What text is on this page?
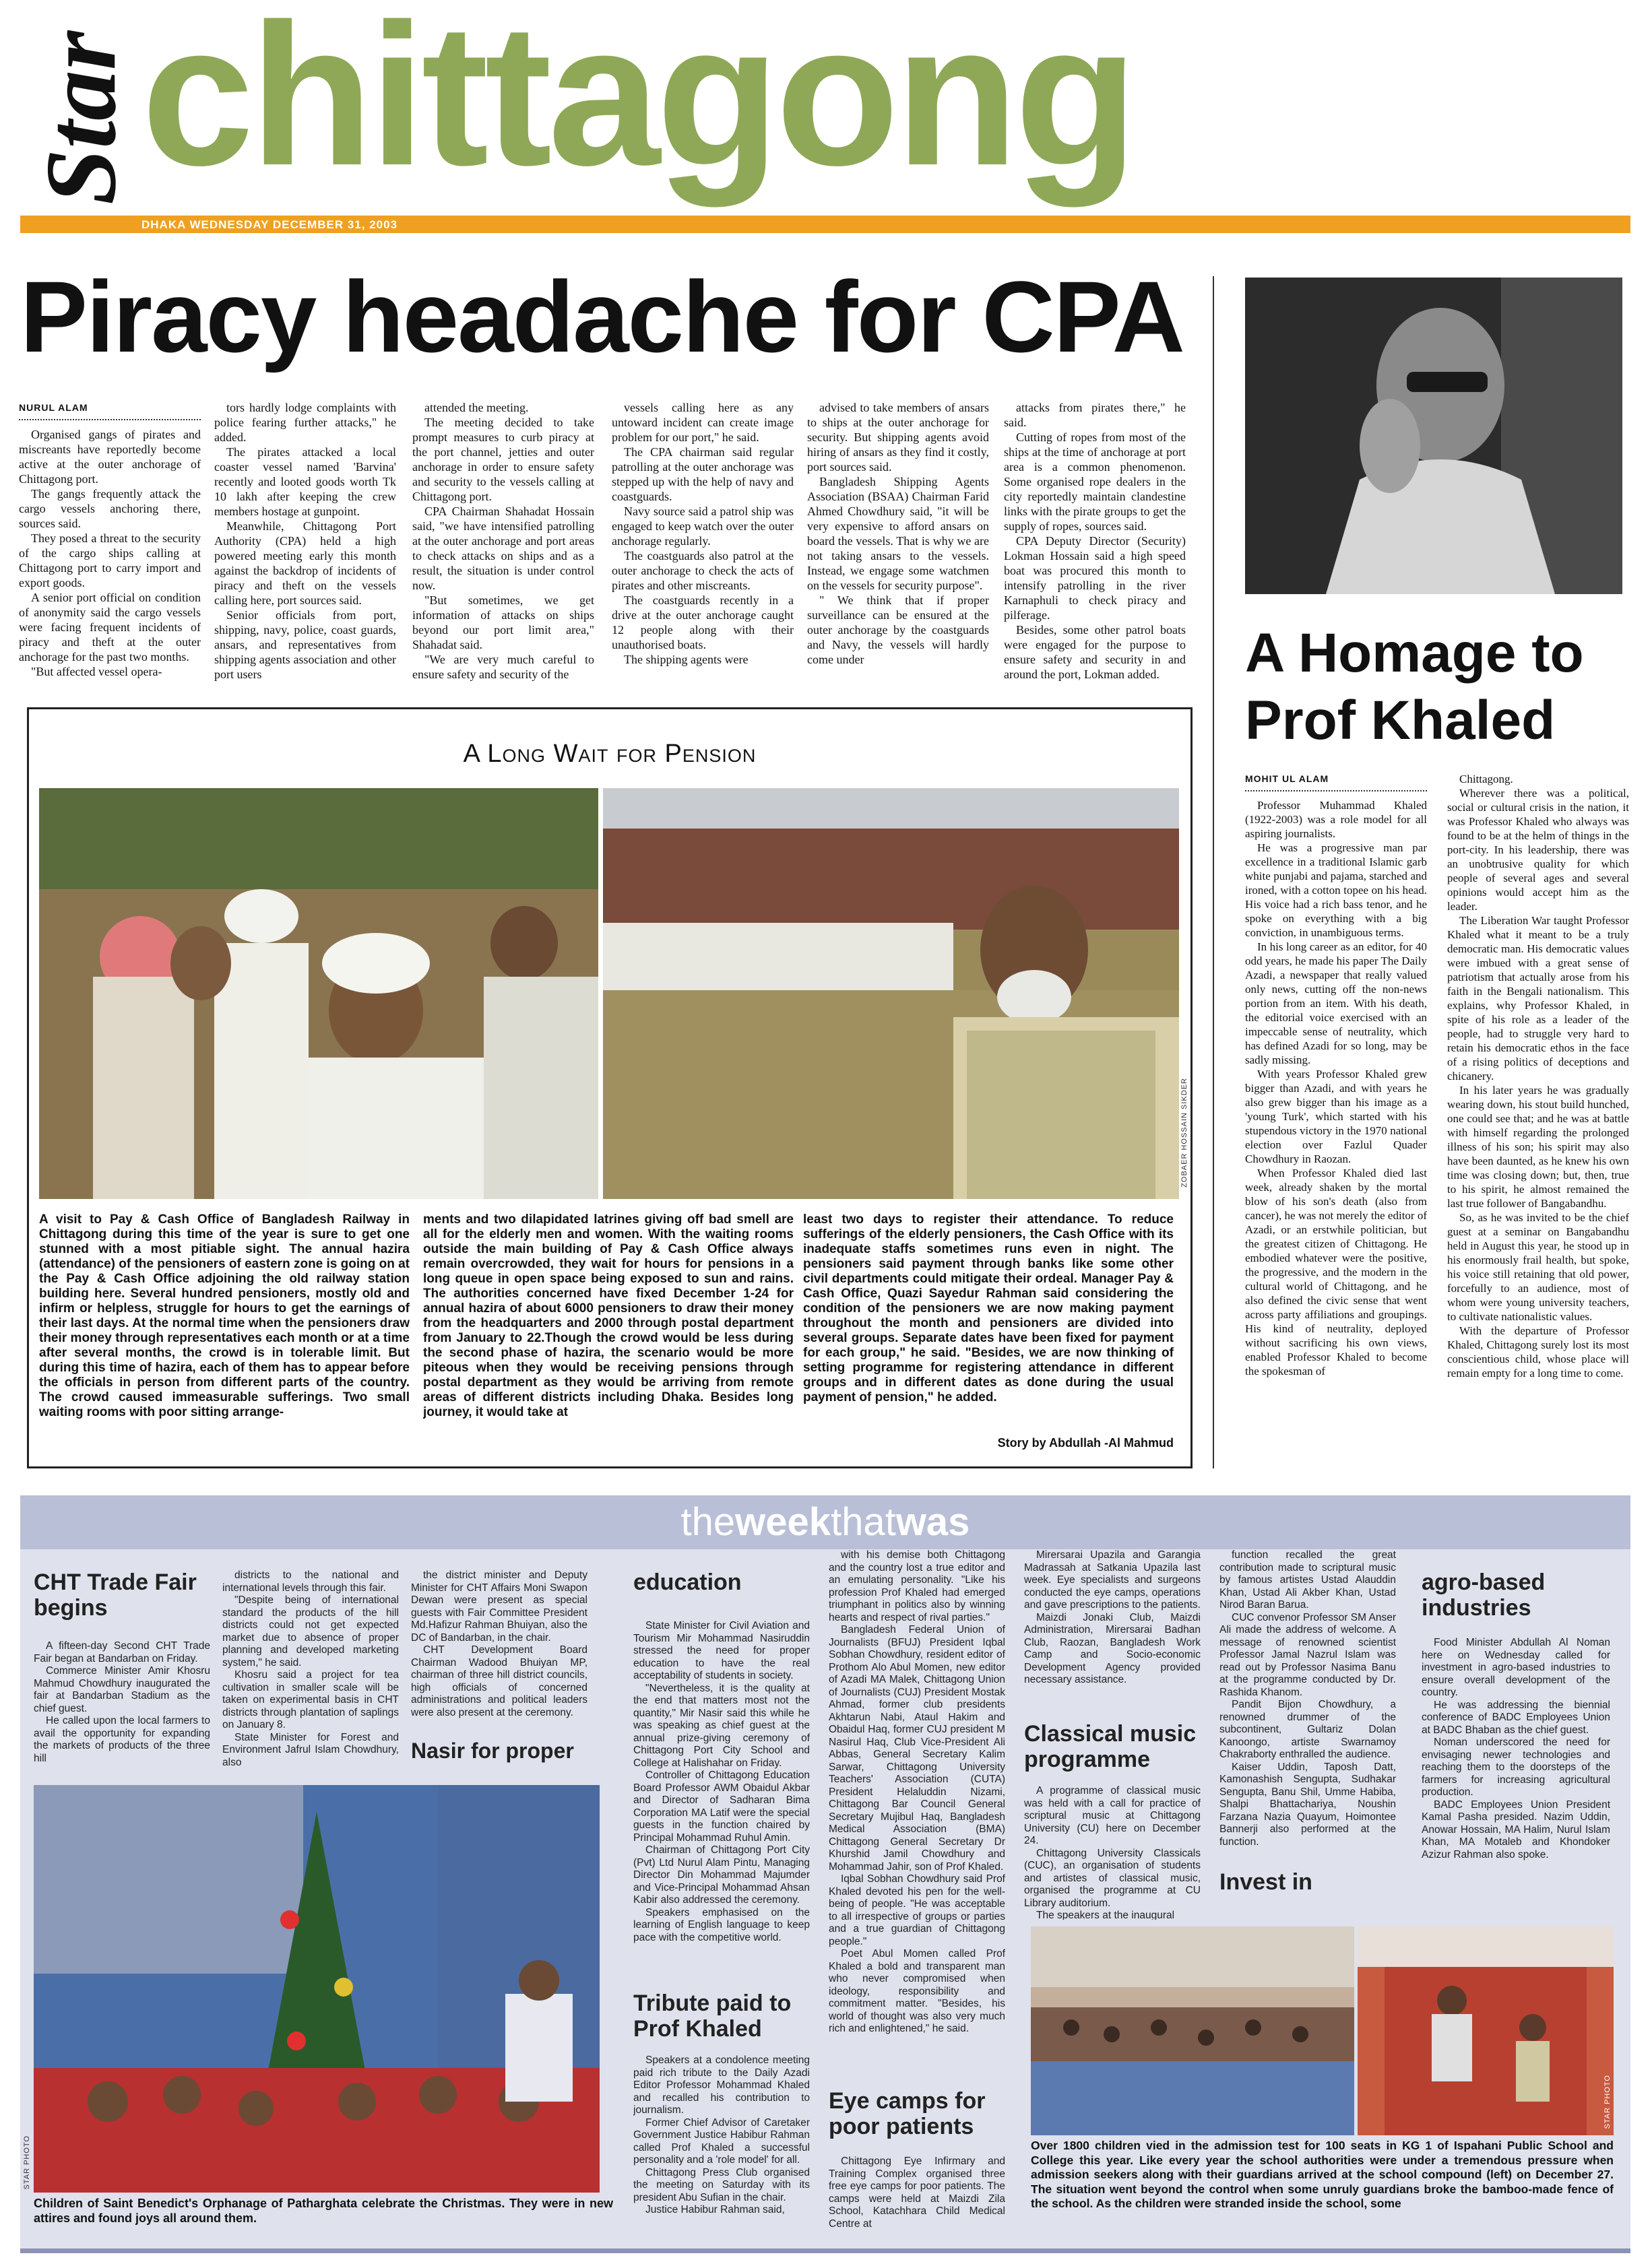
Star chittagong
DHAKA WEDNESDAY DECEMBER 31, 2003
Piracy headache for CPA
NURUL ALAM

Organised gangs of pirates and miscreants have reportedly become active at the outer anchorage of Chittagong port.

The gangs frequently attack the cargo vessels anchoring there, sources said.

They posed a threat to the security of the cargo ships calling at Chittagong port to carry import and export goods.

A senior port official on condition of anonymity said the cargo vessels were facing frequent incidents of piracy and theft at the outer anchorage for the past two months.

"But affected vessel opera-

tors hardly lodge complaints with police fearing further attacks," he added.

The pirates attacked a local coaster vessel named 'Barvina' recently and looted goods worth Tk 10 lakh after keeping the crew members hostage at gunpoint.

Meanwhile, Chittagong Port Authority (CPA) held a high powered meeting early this month against the backdrop of incidents of piracy and theft on the vessels calling here, port sources said.

Senior officials from port, shipping, navy, police, coast guards, ansars, and representatives from shipping agents association and other port users

attended the meeting.

The meeting decided to take prompt measures to curb piracy at the port channel, jetties and outer anchorage in order to ensure safety and security to the vessels calling at Chittagong port.

CPA Chairman Shahadat Hossain said, "we have intensified patrolling at the outer anchorage and port areas to check attacks on ships and as a result, the situation is under control now.

"But sometimes, we get information of attacks on ships beyond our port limit area," Shahadat said.

"We are very much careful to ensure safety and security of the

vessels calling here as any untoward incident can create image problem for our port," he said.

The CPA chairman said regular patrolling at the outer anchorage was stepped up with the help of navy and coastguards.

Navy source said a patrol ship was engaged to keep watch over the outer anchorage regularly.

The coastguards also patrol at the outer anchorage to check the acts of pirates and other miscreants.

The coastguards recently in a drive at the outer anchorage caught 12 people along with their unauthorised boats.

The shipping agents were

advised to take members of ansars to ships at the outer anchorage for security. But shipping agents avoid hiring of ansars as they find it costly, port sources said.

Bangladesh Shipping Agents Association (BSAA) Chairman Farid Ahmed Chowdhury said, "it will be very expensive to afford ansars on board the vessels. That is why we are not taking ansars to the vessels. Instead, we engage some watchmen on the vessels for security purpose".

" We think that if proper surveillance can be ensured at the outer anchorage by the coastguards and Navy, the vessels will hardly come under

attacks from pirates there," he said.

Cutting of ropes from most of the ships at the time of anchorage at port area is a common phenomenon. Some organised rope dealers in the city reportedly maintain clandestine links with the pirate groups to get the supply of ropes, sources said.

CPA Deputy Director (Security) Lokman Hossain said a high speed boat was procured this month to intensify patrolling in the river Karnaphuli to check piracy and pilferage.

Besides, some other patrol boats were engaged for the purpose to ensure safety and security in and around the port, Lokman added.

A Long Wait for Pension
ZOBAER HOSSAIN SIKDER
A visit to Pay & Cash Office of Bangladesh Railway in Chittagong during this time of the year is sure to get one stunned with a most pitiable sight. The annual hazira (attendance) of the pensioners of eastern zone is going on at the Pay & Cash Office adjoining the old railway station building here. Several hundred pensioners, mostly old and infirm or helpless, struggle for hours to get the earnings of their last days. At the normal time when the pensioners draw their money through representatives each month or at a time after several months, the crowd is in tolerable limit. But during this time of hazira, each of them has to appear before the officials in person from different parts of the country. The crowd caused immeasurable sufferings. Two small waiting rooms with poor sitting arrange-
ments and two dilapidated latrines giving off bad smell are all for the elderly men and women. With the waiting rooms outside the main building of Pay & Cash Office always remain overcrowded, they wait for hours for pensions in a long queue in open space being exposed to sun and rains. The authorities concerned have fixed December 1-24 for annual hazira of about 6000 pensioners to draw their money from the headquarters and 2000 through postal department from January to 22.Though the crowd would be less during the second phase of hazira, the scenario would be more piteous when they would be receiving pensions through postal department as they would be arriving from remote areas of different districts including Dhaka. Besides long journey, it would take at
least two days to register their attendance. To reduce sufferings of the elderly pensioners, the Cash Office with its inadequate staffs sometimes runs even in night. The pensioners said payment through banks like some other civil departments could mitigate their ordeal. Manager Pay & Cash Office, Quazi Sayedur Rahman said considering the condition of the pensioners we are now making payment throughout the month and pensioners are divided into several groups. Separate dates have been fixed for payment for each group," he said. "Besides, we are now thinking of setting programme for registering attendance in different groups and in different dates as done during the usual payment of pension," he added.
Story by Abdullah -Al Mahmud
A Homage to Prof Khaled
MOHIT UL ALAM

Professor Muhammad Khaled (1922-2003) was a role model for all aspiring journalists.

He was a progressive man par excellence in a traditional Islamic garb white punjabi and pajama, starched and ironed, with a cotton topee on his head. His voice had a rich bass tenor, and he spoke on everything with a big conviction, in unambiguous terms.

In his long career as an editor, for 40 odd years, he made his paper The Daily Azadi, a newspaper that really valued only news, cutting off the non-news portion from an item. With his death, the editorial voice exercised with an impeccable sense of neutrality, which has defined Azadi for so long, may be sadly missing.

With years Professor Khaled grew bigger than Azadi, and with years he also grew bigger than his image as a 'young Turk', which started with his stupendous victory in the 1970 national election over Fazlul Quader Chowdhury in Raozan.

When Professor Khaled died last week, already shaken by the mortal blow of his son's death (also from cancer), he was not merely the editor of Azadi, or an erstwhile politician, but the greatest citizen of Chittagong. He embodied whatever were the positive, the progressive, and the modern in the cultural world of Chittagong, and he also defined the civic sense that went across party affiliations and groupings. His kind of neutrality, deployed without sacrificing his own views, enabled Professor Khaled to become the spokesman of

Chittagong.

Wherever there was a political, social or cultural crisis in the nation, it was Professor Khaled who always was found to be at the helm of things in the port-city. In his leadership, there was an unobtrusive quality for which people of several ages and several opinions would accept him as the leader.

The Liberation War taught Professor Khaled what it meant to be a truly democratic man. His democratic values were imbued with a great sense of patriotism that actually arose from his faith in the Bengali nationalism. This explains, why Professor Khaled, in spite of his role as a leader of the people, had to struggle very hard to retain his democratic ethos in the face of a rising politics of deceptions and chicanery.

In his later years he was gradually wearing down, his stout build hunched, one could see that; and he was at battle with himself regarding the prolonged illness of his son; his spirit may also have been daunted, as he knew his own time was closing down; but, then, true to his spirit, he almost remained the last true follower of Bangabandhu.

So, as he was invited to be the chief guest at a seminar on Bangabandhu held in August this year, he stood up in his enormously frail health, but spoke, his voice still retaining that old power, forcefully to an audience, most of whom were young university teachers, to cultivate nationalistic values.

With the departure of Professor Khaled, Chittagong surely lost its most conscientious child, whose place will remain empty for a long time to come.

theweekthatwas
CHT Trade Fair begins

A fifteen-day Second CHT Trade Fair began at Bandarban on Friday.

Commerce Minister Amir Khosru Mahmud Chowdhury inaugurated the fair at Bandarban Stadium as the chief guest.

He called upon the local farmers to avail the opportunity for expanding the markets of products of the three hill

districts to the national and international levels through this fair.

"Despite being of international standard the products of the hill districts could not get expected market due to absence of proper planning and developed marketing system," he said.

Khosru said a project for tea cultivation in smaller scale will be taken on experimental basis in CHT districts through plantation of saplings on January 8.

State Minister for Forest and Environment Jafrul Islam Chowdhury, also

the district minister and Deputy Minister for CHT Affairs Moni Swapon Dewan were present as special guests with Fair Committee President Md.Hafizur Rahman Bhuiyan, also the DC of Bandarban, in the chair.

CHT Development Board Chairman Wadood Bhuiyan MP, chairman of three hill district councils, high officials of concerned administrations and political leaders were also present at the ceremony.

Nasir for proper
STAR PHOTO
Children of Saint Benedict's Orphanage of Patharghata celebrate the Christmas. They were in new attires and found joys all around them.
education

State Minister for Civil Aviation and Tourism Mir Mohammad Nasiruddin stressed the need for proper education to have the real acceptability of students in society.

"Nevertheless, it is the quality at the end that matters most not the quantity," Mir Nasir said this while he was speaking as chief guest at the annual prize-giving ceremony of Chittagong Port City School and College at Halishahar on Friday.

Controller of Chittagong Education Board Professor AWM Obaidul Akbar and Director of Sadharan Bima Corporation MA Latif were the special guests in the function chaired by Principal Mohammad Ruhul Amin.

Chairman of Chittagong Port City (Pvt) Ltd Nurul Alam Pintu, Managing Director Din Mohammad Majumder and Vice-Principal Mohammad Ahsan Kabir also addressed the ceremony.

Speakers emphasised on the learning of English language to keep pace with the competitive world.

Tribute paid to Prof Khaled

Speakers at a condolence meeting paid rich tribute to the Daily Azadi Editor Professor Mohammad Khaled and recalled his contribution to journalism.

Former Chief Advisor of Caretaker Government Justice Habibur Rahman called Prof Khaled a successful personality and a 'role model' for all.

Chittagong Press Club organised the meeting on Saturday with its president Abu Sufian in the chair.

Justice Habibur Rahman said,

with his demise both Chittagong and the country lost a true editor and an emulating personality. "Like his profession Prof Khaled had emerged triumphant in politics also by winning hearts and respect of rival parties."

Bangladesh Federal Union of Journalists (BFUJ) President Iqbal Sobhan Chowdhury, resident editor of Prothom Alo Abul Momen, new editor of Azadi MA Malek, Chittagong Union of Journalists (CUJ) President Mostak Ahmad, former club presidents Akhtarun Nabi, Ataul Hakim and Obaidul Haq, former CUJ president M Nasirul Haq, Club Vice-President Ali Abbas, General Secretary Kalim Sarwar, Chittagong University Teachers' Association (CUTA) President Helaluddin Nizami, Chittagong Bar Council General Secretary Mujibul Haq, Bangladesh Medical Association (BMA) Chittagong General Secretary Dr Khurshid Jamil Chowdhury and Mohammad Jahir, son of Prof Khaled.

Iqbal Sobhan Chowdhury said Prof Khaled devoted his pen for the well-being of people. "He was acceptable to all irrespective of groups or parties and a true guardian of Chittagong people."

Poet Abul Momen called Prof Khaled a bold and transparent man who never compromised when ideology, responsibility and commitment matter. "Besides, his world of thought was also very much rich and enlightened," he said.

Eye camps for poor patients

Chittagong Eye Infirmary and Training Complex organised three free eye camps for poor patients. The camps were held at Maizdi Zila School, Katachhara Child Medical Centre at

Mirersarai Upazila and Garangia Madrassah at Satkania Upazila last week. Eye specialists and surgeons conducted the eye camps, operations and gave prescriptions to the patients.

Maizdi Jonaki Club, Maizdi Administration, Mirersarai Badhan Club, Raozan, Bangladesh Work Camp and Socio-economic Development Agency provided necessary assistance.

Classical music programme

A programme of classical music was held with a call for practice of scriptural music at Chittagong University (CU) here on December 24.

Chittagong University Classicals (CUC), an organisation of students and artistes of classical music, organised the programme at CU Library auditorium.

The speakers at the inaugural

function recalled the great contribution made to scriptural music by famous artistes Ustad Alauddin Khan, Ustad Ali Akber Khan, Ustad Nirod Baran Barua.

CUC convenor Professor SM Anser Ali made the address of welcome. A message of renowned scientist Professor Jamal Nazrul Islam was read out by Professor Nasima Banu at the programme conducted by Dr. Rashida Khanom.

Pandit Bijon Chowdhury, a renowned drummer of the subcontinent, Gultariz Dolan Kanoongo, artiste Swarnamoy Chakraborty enthralled the audience.

Kaiser Uddin, Taposh Datt, Kamonashish Sengupta, Sudhakar Sengupta, Banu Shil, Umme Habiba, Shalpi Bhattachariya, Noushin Farzana Nazia Quayum, Hoimontee Bannerji also performed at the function.

Invest in
agro-based industries

Food Minister Abdullah Al Noman here on Wednesday called for investment in agro-based industries to ensure overall development of the country.

He was addressing the biennial conference of BADC Employees Union at BADC Bhaban as the chief guest.

Noman underscored the need for envisaging newer technologies and reaching them to the doorsteps of the farmers for increasing agricultural production.

BADC Employees Union President Kamal Pasha presided. Nazim Uddin, Anowar Hossain, MA Halim, Nurul Islam Khan, MA Motaleb and Khondoker Azizur Rahman also spoke.

STAR PHOTO
Over 1800 children vied in the admission test for 100 seats in KG 1 of Ispahani Public School and College this year. Like every year the school authorities were under a tremendous pressure when admission seekers along with their guardians arrived at the school compound (left) on December 27. The situation went beyond the control when some unruly guardians broke the bamboo-made fence of the school. As the children were stranded inside the school, some
